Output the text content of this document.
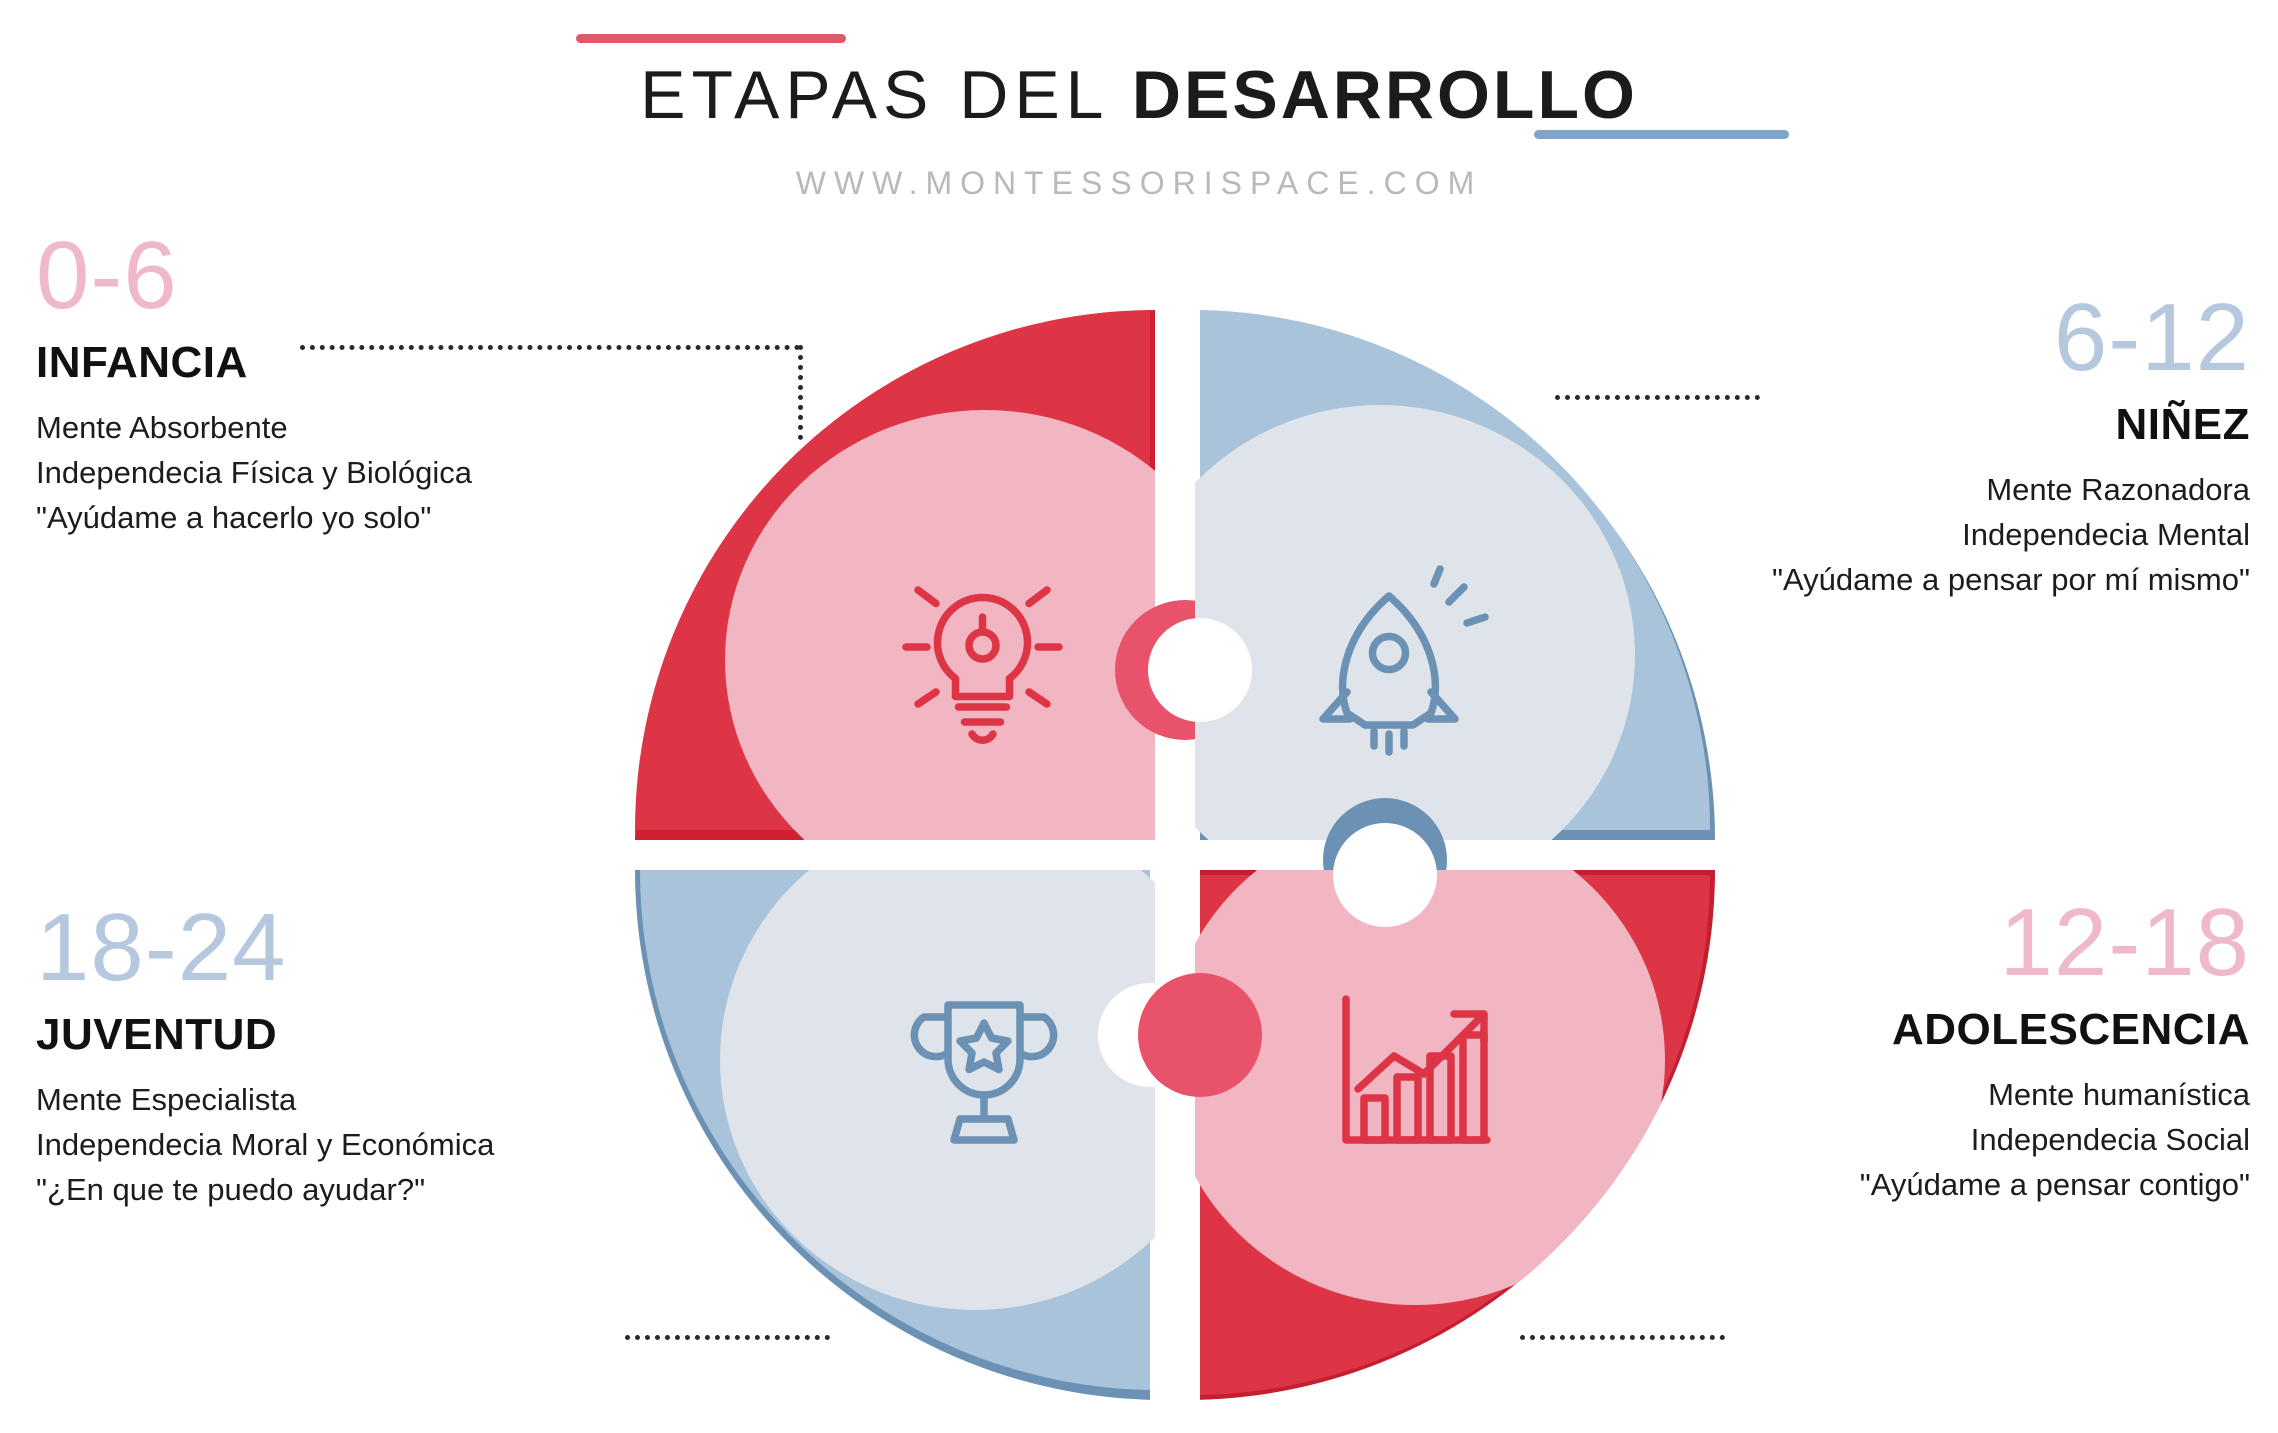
ETAPAS DEL DESARROLLO
WWW.MONTESSORISPACE.COM
0-6
INFANCIA
Mente Absorbente
Independecia Física y Biológica
"Ayúdame a hacerlo yo solo"
6-12
NIÑEZ
Mente Razonadora
Independecia Mental
"Ayúdame a pensar por mí mismo"
18-24
JUVENTUD
Mente Especialista
Independecia Moral y Económica
"¿En que te puedo ayudar?"
12-18
ADOLESCENCIA
Mente humanística
Independecia Social
"Ayúdame a pensar contigo"
